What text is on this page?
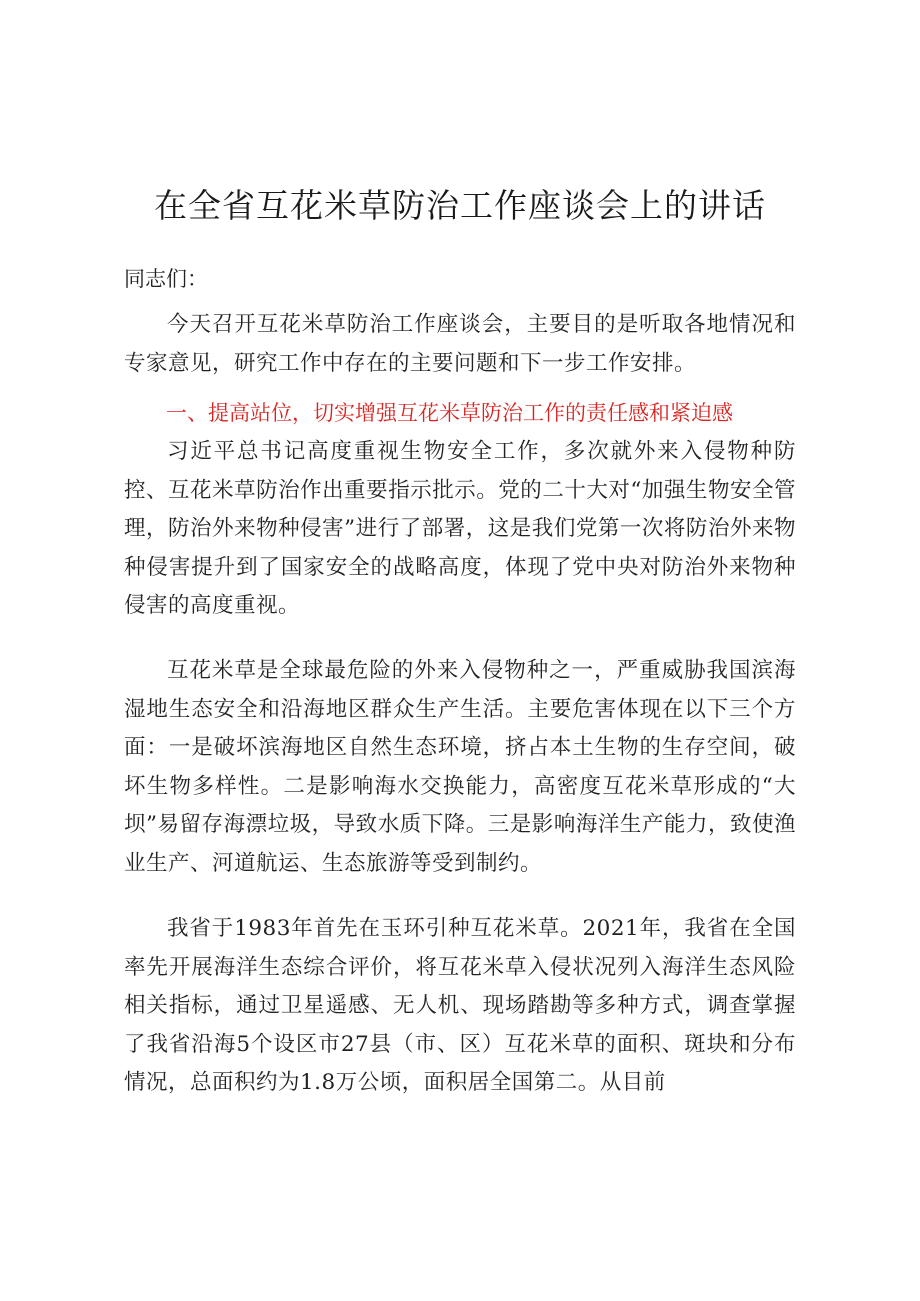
在全省互花米草防治工作座谈会上的讲话

同志们：

今天召开互花米草防治工作座谈会，主要目的是听取各地情况和专家意见，研究工作中存在的主要问题和下一步工作安排。

一、提高站位，切实增强互花米草防治工作的责任感和紧迫感

习近平总书记高度重视生物安全工作，多次就外来入侵物种防控、互花米草防治作出重要指示批示。党的二十大对“加强生物安全管理，防治外来物种侵害”进行了部署，这是我们党第一次将防治外来物种侵害提升到了国家安全的战略高度，体现了党中央对防治外来物种侵害的高度重视。

互花米草是全球最危险的外来入侵物种之一，严重威胁我国滨海湿地生态安全和沿海地区群众生产生活。主要危害体现在以下三个方面：一是破坏滨海地区自然生态环境，挤占本土生物的生存空间，破坏生物多样性。二是影响海水交换能力，高密度互花米草形成的“大坝”易留存海漂垃圾，导致水质下降。三是影响海洋生产能力，致使渔业生产、河道航运、生态旅游等受到制约。

我省于1983年首先在玉环引种互花米草。2021年，我省在全国率先开展海洋生态综合评价，将互花米草入侵状况列入海洋生态风险相关指标，通过卫星遥感、无人机、现场踏勘等多种方式，调查掌握了我省沿海5个设区市27县（市、区）互花米草的面积、斑块和分布情况，总面积约为1.8万公顷，面积居全国第二。从目前
